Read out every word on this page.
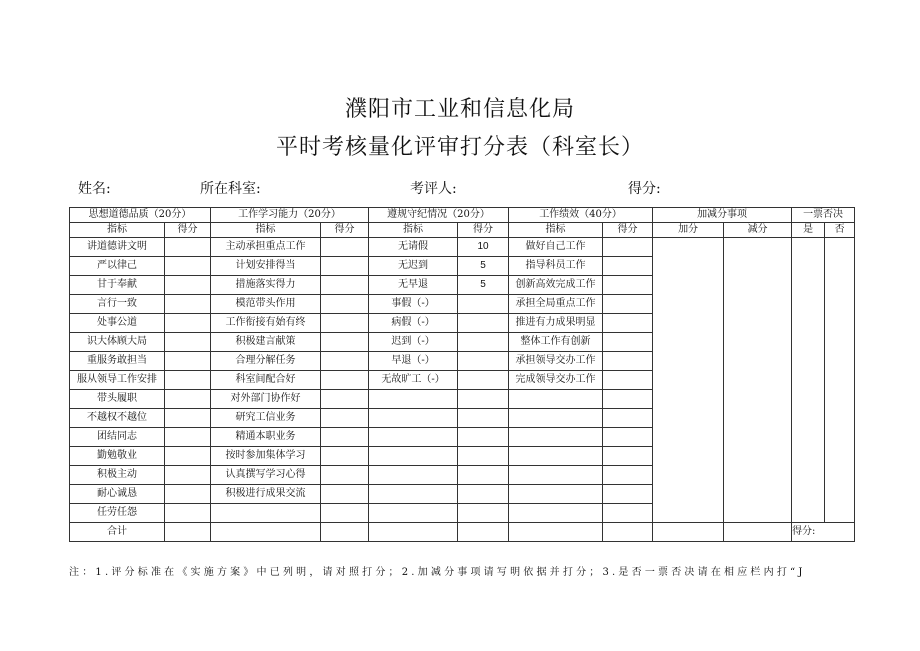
濮阳市工业和信息化局
平时考核量化评审打分表（科室长）
姓名:	所在科室:	考评人:	得分:
思想道德品质（20分）		工作学习能力（20分）		遵规守纪情况（20分）		工作绩效（40分）		加减分事项		一票否决	
指标	得分	指标	得分	指标	得分	指标	得分	加分	减分	是	否
讲道德讲文明		主动承担重点工作		无请假	10	做好自己工作					
严以律己		计划安排得当		无迟到	5	指导科员工作					
甘于奉献		措施落实得力		无早退	5	创新高效完成工作					
言行一致		模范带头作用		事假（-）		承担全局重点工作					
处事公道		工作衔接有始有终		病假（-）		推进有力成果明显					
识大体顾大局		积极建言献策		迟到（-）		整体工作有创新					
重服务敢担当		合理分解任务		早退（-）		承担领导交办工作					
服从领导工作安排		科室间配合好		无故旷工（-）		完成领导交办工作					
带头履职		对外部门协作好									
不越权不越位		研究工信业务									
团结同志		精通本职业务									
勤勉敬业		按时参加集体学习									
积极主动		认真撰写学习心得									
耐心诚恳		积极进行成果交流									
任劳任怨											
合计										得分:	
注：1.评分标准在《实施方案》中已列明，请对照打分；2.加减分事项请写明依据并打分；3.是否一票否决请在相应栏内打“J
